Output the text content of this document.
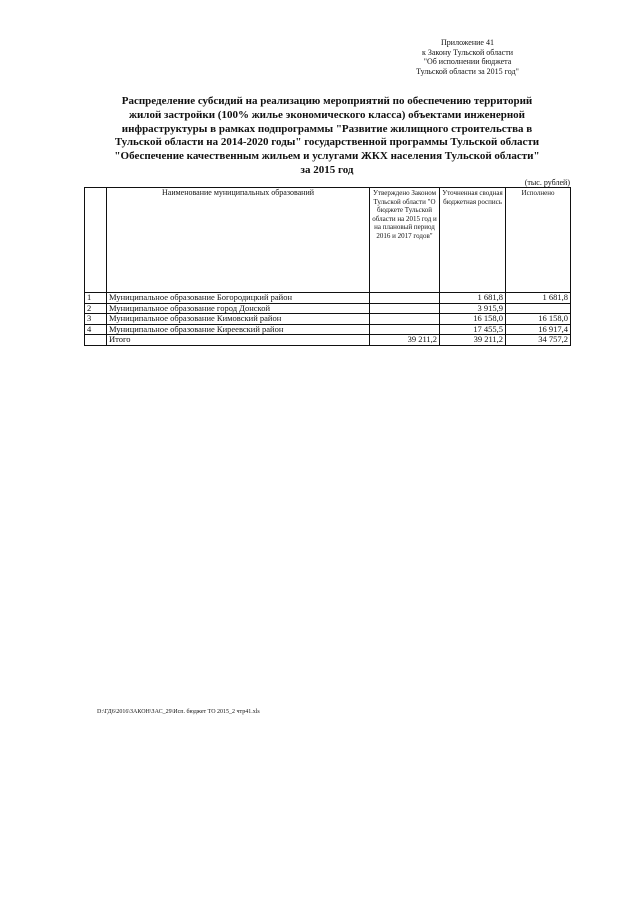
Приложение 41
к Закону Тульской области
"Об исполнении бюджета
Тульской области за 2015 год"
Распределение субсидий на реализацию мероприятий по обеспечению территорий
жилой застройки (100% жилье экономического класса) объектами инженерной
инфраструктуры в рамках подпрограммы "Развитие жилищного строительства в
Тульской области на 2014-2020 годы" государственной программы Тульской области
"Обеспечение качественным жильем и услугами ЖКХ населения Тульской области"
за 2015 год
(тыс. рублей)
	Наименование муниципальных образований	Утверждено Законом Тульской области "О бюджете Тульской области на 2015 год и на плановый период 2016 и 2017 годов"	Уточненная сводная бюджетная роспись	Исполнено
1	Муниципальное образование Богородицкий район		1 681,8	1 681,8
2	Муниципальное образование город Донской		3 915,9	
3	Муниципальное образование Кимовский район		16 158,0	16 158,0
4	Муниципальное образование Киреевский район		17 455,5	16 917,4
	Итого	39 211,2	39 211,2	34 757,2
D:\ГД6\2016\ЗАКОН\ЗАС_29\Исп. бюджет ТО 2015_2 чтр41.xls
